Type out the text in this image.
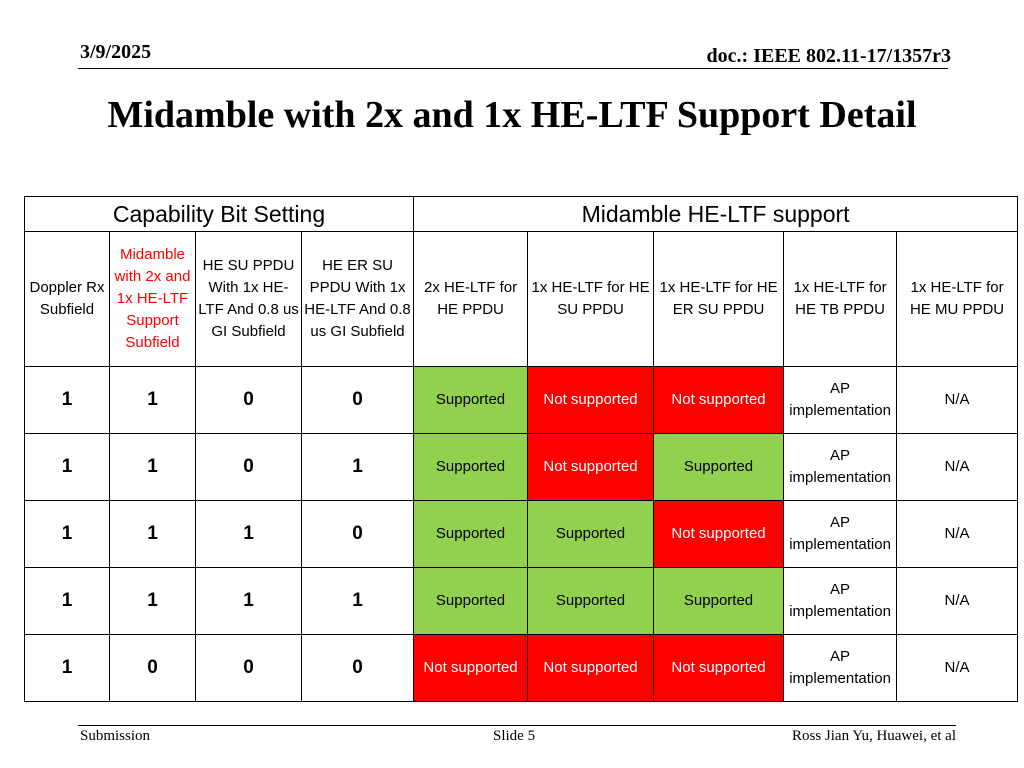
3/9/2025	doc.: IEEE 802.11-17/1357r3
Midamble with 2x and 1x HE-LTF Support Detail
Capability Bit Setting				Midamble HE-LTF support				
Doppler Rx Subfield	Midamble with 2x and 1x HE-LTF Support Subfield	HE SU PPDU With 1x HE-LTF And 0.8 us GI Subfield	HE ER SU PPDU With 1x HE-LTF And 0.8 us GI Subfield	2x HE-LTF for HE PPDU	1x HE-LTF for HE SU PPDU	1x HE-LTF for HE ER SU PPDU	1x HE-LTF for HE TB PPDU	1x HE-LTF for HE MU PPDU
1	1	0	0	Supported	Not supported	Not supported	AP implementation	N/A
1	1	0	1	Supported	Not supported	Supported	AP implementation	N/A
1	1	1	0	Supported	Supported	Not supported	AP implementation	N/A
1	1	1	1	Supported	Supported	Supported	AP implementation	N/A
1	0	0	0	Not supported	Not supported	Not supported	AP implementation	N/A
Submission	Slide 5	Ross Jian Yu, Huawei, et al
